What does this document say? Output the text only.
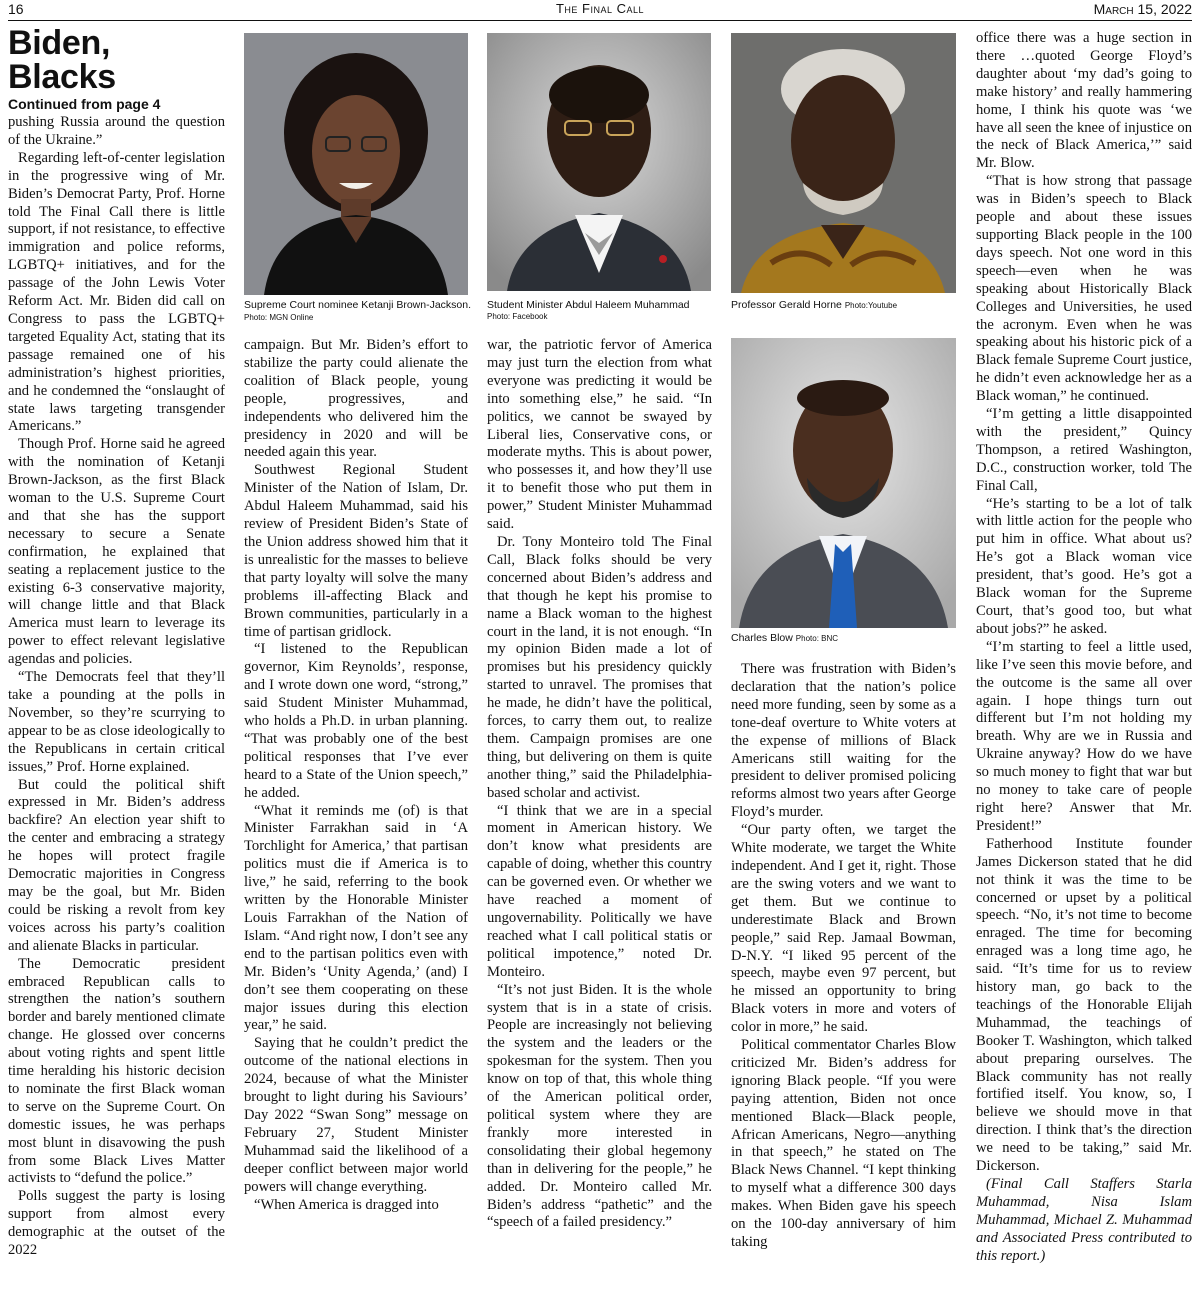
16	The Final Call	March 15, 2022
Biden, Blacks
Continued from page 4

pushing Russia around the question of the Ukraine.”

Regarding left-of-center legislation in the progressive wing of Mr. Biden’s Democrat Party, Prof. Horne told The Final Call there is little support, if not resistance, to effective immigration and police reforms, LGBTQ+ initiatives, and for the passage of the John Lewis Voter Reform Act. Mr. Biden did call on Congress to pass the LGBTQ+ targeted Equality Act, stating that its passage remained one of his administration’s highest priorities, and he condemned the “onslaught of state laws targeting transgender Americans.”

Though Prof. Horne said he agreed with the nomination of Ketanji Brown-Jackson, as the first Black woman to the U.S. Supreme Court and that she has the support necessary to secure a Senate confirmation, he explained that seating a replacement justice to the existing 6-3 conservative majority, will change little and that Black America must learn to leverage its power to effect relevant legislative agendas and policies.

“The Democrats feel that they’ll take a pounding at the polls in November, so they’re scurrying to appear to be as close ideologically to the Republicans in certain critical issues,” Prof. Horne explained.

But could the political shift expressed in Mr. Biden’s address backfire? An election year shift to the center and embracing a strategy he hopes will protect fragile Democratic majorities in Congress may be the goal, but Mr. Biden could be risking a revolt from key voices across his party’s coalition and alienate Blacks in particular.

The Democratic president embraced Republican calls to strengthen the nation’s southern border and barely mentioned climate change. He glossed over concerns about voting rights and spent little time heralding his historic decision to nominate the first Black woman to serve on the Supreme Court. On domestic issues, he was perhaps most blunt in disavowing the push from some Black Lives Matter activists to “defund the police.”

Polls suggest the party is losing support from almost every demographic at the outset of the 2022

Supreme Court nominee Ketanji Brown-Jackson. Photo: MGN Online
Student Minister Abdul Haleem Muhammad
Photo: Facebook
Professor Gerald Horne Photo:Youtube
Charles Blow Photo: BNC

campaign. But Mr. Biden’s effort to stabilize the party could alienate the coalition of Black people, young people, progressives, and independents who delivered him the presidency in 2020 and will be needed again this year.

Southwest Regional Student Minister of the Nation of Islam, Dr. Abdul Haleem Muhammad, said his review of President Biden’s State of the Union address showed him that it is unrealistic for the masses to believe that party loyalty will solve the many problems ill-affecting Black and Brown communities, particularly in a time of partisan gridlock.

“I listened to the Republican governor, Kim Reynolds’, response, and I wrote down one word, “strong,” said Student Minister Muhammad, who holds a Ph.D. in urban planning. “That was probably one of the best political responses that I’ve ever heard to a State of the Union speech,” he added.

“What it reminds me (of) is that Minister Farrakhan said in ‘A Torchlight for America,’ that partisan politics must die if America is to live,” he said, referring to the book written by the Honorable Minister Louis Farrakhan of the Nation of Islam. “And right now, I don’t see any end to the partisan politics even with Mr. Biden’s ‘Unity Agenda,’ (and) I don’t see them cooperating on these major issues during this election year,” he said.

Saying that he couldn’t predict the outcome of the national elections in 2024, because of what the Minister brought to light during his Saviours’ Day 2022 “Swan Song” message on February 27, Student Minister Muhammad said the likelihood of a deeper conflict between major world powers will change everything.

“When America is dragged into

war, the patriotic fervor of America may just turn the election from what everyone was predicting it would be into something else,” he said. “In politics, we cannot be swayed by Liberal lies, Conservative cons, or moderate myths. This is about power, who possesses it, and how they’ll use it to benefit those who put them in power,” Student Minister Muhammad said.

Dr. Tony Monteiro told The Final Call, Black folks should be very concerned about Biden’s address and that though he kept his promise to name a Black woman to the highest court in the land, it is not enough. “In my opinion Biden made a lot of promises but his presidency quickly started to unravel. The promises that he made, he didn’t have the political, forces, to carry them out, to realize them. Campaign promises are one thing, but delivering on them is quite another thing,” said the Philadelphia-based scholar and activist.

“I think that we are in a special moment in American history. We don’t know what presidents are capable of doing, whether this country can be governed even. Or whether we have reached a moment of ungovernability. Politically we have reached what I call political statis or political impotence,” noted Dr. Monteiro.

“It’s not just Biden. It is the whole system that is in a state of crisis. People are increasingly not believing the system and the leaders or the spokesman for the system. Then you know on top of that, this whole thing of the American political order, political system where they are frankly more interested in consolidating their global hegemony than in delivering for the people,” he added. Dr. Monteiro called Mr. Biden’s address “pathetic” and the “speech of a failed presidency.”

There was frustration with Biden’s declaration that the nation’s police need more funding, seen by some as a tone-deaf overture to White voters at the expense of millions of Black Americans still waiting for the president to deliver promised policing reforms almost two years after George Floyd’s murder.

“Our party often, we target the White moderate, we target the White independent. And I get it, right. Those are the swing voters and we want to get them. But we continue to underestimate Black and Brown people,” said Rep. Jamaal Bowman, D-N.Y. “I liked 95 percent of the speech, maybe even 97 percent, but he missed an opportunity to bring Black voters in more and voters of color in more,” he said.

Political commentator Charles Blow criticized Mr. Biden’s address for ignoring Black people. “If you were paying attention, Biden not once mentioned Black—Black people, African Americans, Negro—anything in that speech,” he stated on The Black News Channel. “I kept thinking to myself what a difference 300 days makes. When Biden gave his speech on the 100-day anniversary of him taking

office there was a huge section in there …quoted George Floyd’s daughter about ‘my dad’s going to make history’ and really hammering home, I think his quote was ‘we have all seen the knee of injustice on the neck of Black America,’” said Mr. Blow.

“That is how strong that passage was in Biden’s speech to Black people and about these issues supporting Black people in the 100 days speech. Not one word in this speech—even when he was speaking about Historically Black Colleges and Universities, he used the acronym. Even when he was speaking about his historic pick of a Black female Supreme Court justice, he didn’t even acknowledge her as a Black woman,” he continued.

“I’m getting a little disappointed with the president,” Quincy Thompson, a retired Washington, D.C., construction worker, told The Final Call,

“He’s starting to be a lot of talk with little action for the people who put him in office. What about us? He’s got a Black woman vice president, that’s good. He’s got a Black woman for the Supreme Court, that’s good too, but what about jobs?” he asked.

“I’m starting to feel a little used, like I’ve seen this movie before, and the outcome is the same all over again. I hope things turn out different but I’m not holding my breath. Why are we in Russia and Ukraine anyway? How do we have so much money to fight that war but no money to take care of people right here? Answer that Mr. President!”

Fatherhood Institute founder James Dickerson stated that he did not think it was the time to be concerned or upset by a political speech. “No, it’s not time to become enraged. The time for becoming enraged was a long time ago, he said. “It’s time for us to review history man, go back to the teachings of the Honorable Elijah Muhammad, the teachings of Booker T. Washington, which talked about preparing ourselves. The Black community has not really fortified itself. You know, so, I believe we should move in that direction. I think that’s the direction we need to be taking,” said Mr. Dickerson.

(Final Call Staffers Starla Muhammad, Nisa Islam Muhammad, Michael Z. Muhammad and Associated Press contributed to this report.)
